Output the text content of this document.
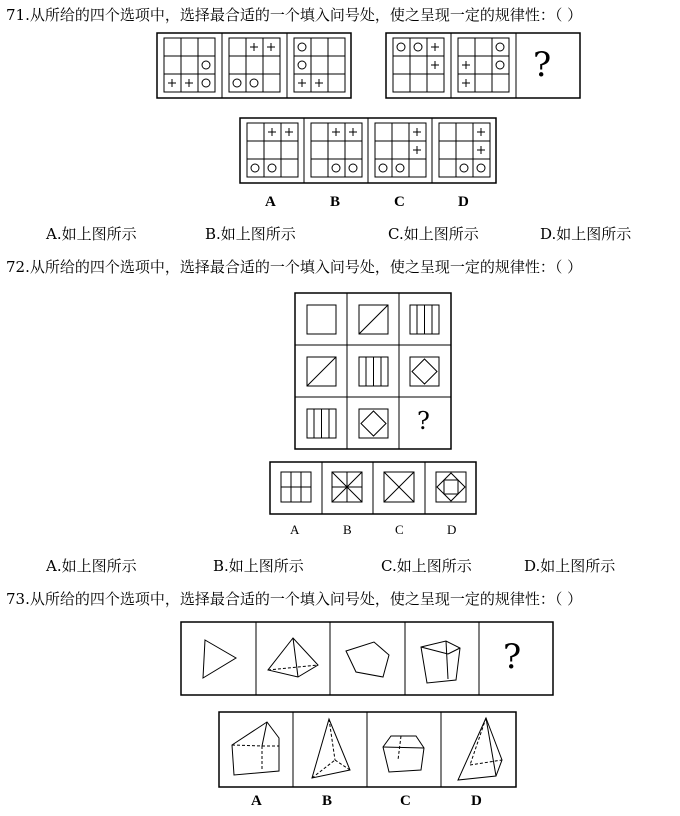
71.从所给的四个选项中，选择最合适的一个填入问号处，使之呈现一定的规律性：（ ）
?
A	B	C	D
A.如上图所示	B.如上图所示	C.如上图所示	D.如上图所示
72.从所给的四个选项中，选择最合适的一个填入问号处，使之呈现一定的规律性：（ ）
?
A	B	C	D
A.如上图所示	B.如上图所示	C.如上图所示	D.如上图所示
73.从所给的四个选项中，选择最合适的一个填入问号处，使之呈现一定的规律性：（ ）
?
A	B	C	D
